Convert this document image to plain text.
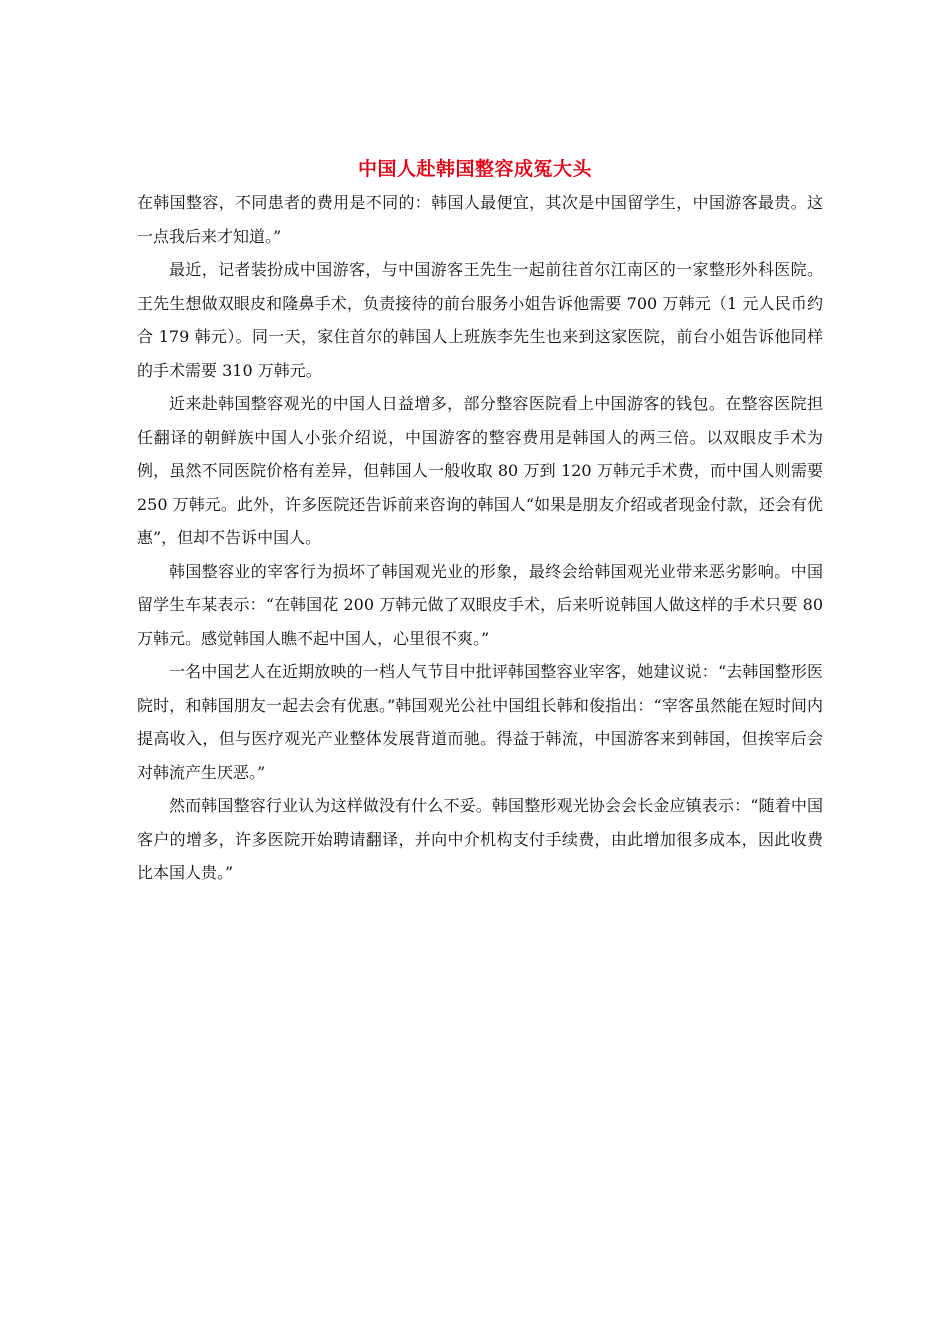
中国人赴韩国整容成冤大头

在韩国整容，不同患者的费用是不同的：韩国人最便宜，其次是中国留学生，中国游客最贵。这一点我后来才知道。”

最近，记者装扮成中国游客，与中国游客王先生一起前往首尔江南区的一家整形外科医院。王先生想做双眼皮和隆鼻手术，负责接待的前台服务小姐告诉他需要 700 万韩元（1 元人民币约合 179 韩元）。同一天，家住首尔的韩国人上班族李先生也来到这家医院，前台小姐告诉他同样的手术需要 310 万韩元。

近来赴韩国整容观光的中国人日益增多，部分整容医院看上中国游客的钱包。在整容医院担任翻译的朝鲜族中国人小张介绍说，中国游客的整容费用是韩国人的两三倍。以双眼皮手术为例，虽然不同医院价格有差异，但韩国人一般收取 80 万到 120 万韩元手术费，而中国人则需要 250 万韩元。此外，许多医院还告诉前来咨询的韩国人“如果是朋友介绍或者现金付款，还会有优惠”，但却不告诉中国人。

韩国整容业的宰客行为损坏了韩国观光业的形象，最终会给韩国观光业带来恶劣影响。中国留学生车某表示：“在韩国花 200 万韩元做了双眼皮手术，后来听说韩国人做这样的手术只要 80 万韩元。感觉韩国人瞧不起中国人，心里很不爽。”

一名中国艺人在近期放映的一档人气节目中批评韩国整容业宰客，她建议说：“去韩国整形医院时，和韩国朋友一起去会有优惠。”韩国观光公社中国组长韩和俊指出：“宰客虽然能在短时间内提高收入，但与医疗观光产业整体发展背道而驰。得益于韩流，中国游客来到韩国，但挨宰后会对韩流产生厌恶。”

然而韩国整容行业认为这样做没有什么不妥。韩国整形观光协会会长金应镇表示：“随着中国客户的增多，许多医院开始聘请翻译，并向中介机构支付手续费，由此增加很多成本，因此收费比本国人贵。”
